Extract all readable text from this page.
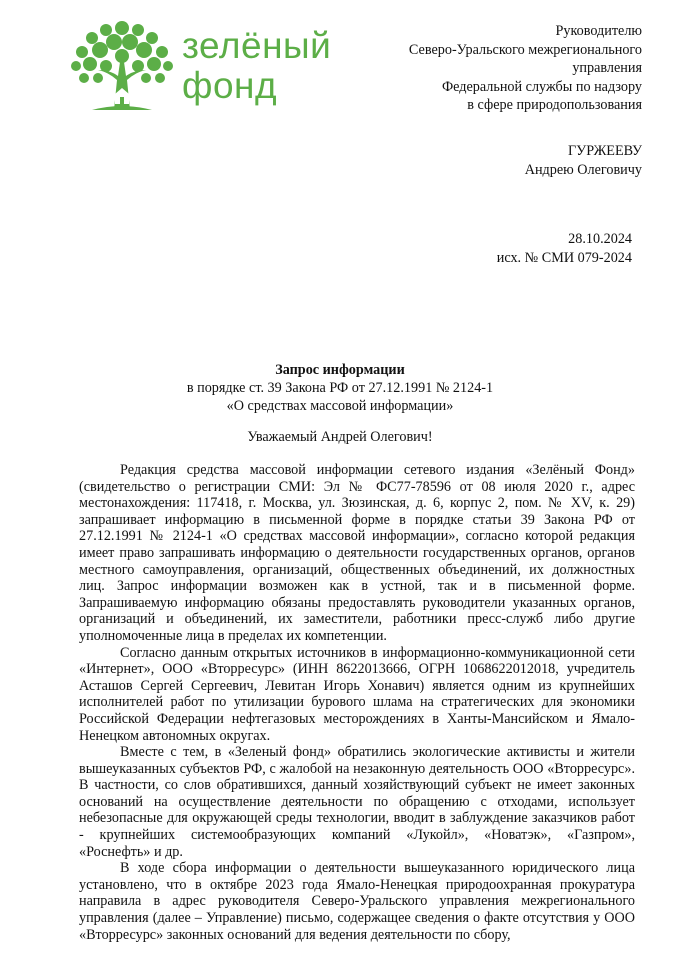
зелёный
фонд
Руководителю
Северо-Уральского межрегионального
управления
Федеральной службы по надзору
в сфере природопользования
ГУРЖЕЕВУ
Андрею Олеговичу
28.10.2024
исх. № СМИ 079-2024
Запрос информации
в порядке ст. 39 Закона РФ от 27.12.1991 № 2124-1
«О средствах массовой информации»
Уважаемый Андрей Олегович!

Редакция средства массовой информации сетевого издания «Зелёный Фонд» (свидетельство о регистрации СМИ: Эл № ФС77-78596 от 08 июля 2020 г., адрес местонахождения: 117418, г. Москва, ул. Зюзинская, д. 6, корпус 2, пом. № XV, к. 29) запрашивает информацию в письменной форме в порядке статьи 39 Закона РФ от 27.12.1991 № 2124-1 «О средствах массовой информации», согласно которой редакция имеет право запрашивать информацию о деятельности государственных органов, органов местного самоуправления, организаций, общественных объединений, их должностных лиц. Запрос информации возможен как в устной, так и в письменной форме. Запрашиваемую информацию обязаны предоставлять руководители указанных органов, организаций и объединений, их заместители, работники пресс-служб либо другие уполномоченные лица в пределах их компетенции.

Согласно данным открытых источников в информационно-коммуникационной сети «Интернет», ООО «Вторресурс» (ИНН 8622013666, ОГРН 1068622012018, учредитель Асташов Сергей Сергеевич, Левитан Игорь Хонавич) является одним из крупнейших исполнителей работ по утилизации бурового шлама на стратегических для экономики Российской Федерации нефтегазовых месторождениях в Ханты-Мансийском и Ямало-Ненецком автономных округах.

Вместе с тем, в «Зеленый фонд» обратились экологические активисты и жители вышеуказанных субъектов РФ, с жалобой на незаконную деятельность ООО «Вторресурс». В частности, со слов обратившихся, данный хозяйствующий субъект не имеет законных оснований на осуществление деятельности по обращению с отходами, использует небезопасные для окружающей среды технологии, вводит в заблуждение заказчиков работ - крупнейших системообразующих компаний «Лукойл», «Новатэк», «Газпром», «Роснефть» и др.

В ходе сбора информации о деятельности вышеуказанного юридического лица установлено, что в октябре 2023 года Ямало-Ненецкая природоохранная прокуратура направила в адрес руководителя Северо-Уральского управления межрегионального управления (далее – Управление) письмо, содержащее сведения о факте отсутствия у ООО «Вторресурс» законных оснований для ведения деятельности по сбору,
